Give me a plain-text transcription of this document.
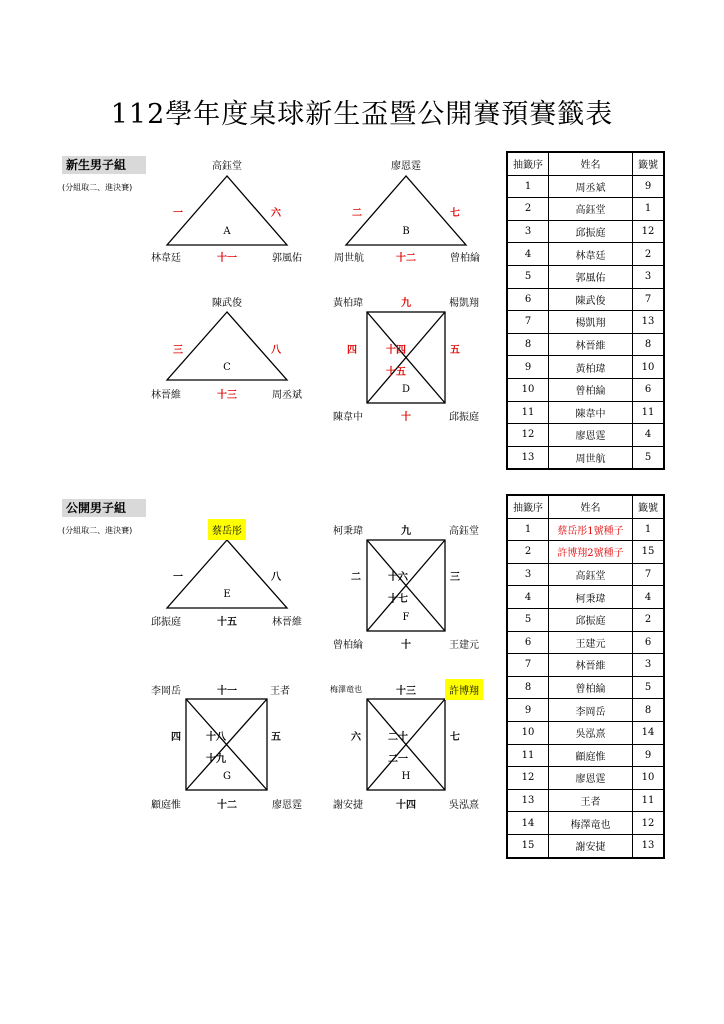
112學年度桌球新生盃暨公開賽預賽籤表
新生男子組
(分組取二、進決賽)
公開男子組
(分組取二、進決賽)
高鈺堂
一	六
A
林韋廷	十一	郭風佑
廖恩霆
二	七
B
周世航	十二	曾柏綸
陳武俊
三	八
C
林晉維	十三	周丞斌
黃柏瑋	九	楊凱翔
四	十四	五
十五
D
陳韋中	十	邱振庭
蔡岳彤
一	八
E
邱振庭	十五	林晉維
柯秉瑋	九	高鈺堂
二	十六	三
十七
F
曾柏綸	十	王建元
李岡岳	十一	王者
四	十八	五
十九
G
顧庭惟	十二	廖恩霆
梅澤竜也	十三	許博翔
六	二十	七
二一
H
謝安捷	十四	吳泓熹
抽籤序	姓名	籤號
1	周丞斌	9
2	高鈺堂	1
3	邱振庭	12
4	林韋廷	2
5	郭風佑	3
6	陳武俊	7
7	楊凱翔	13
8	林晉維	8
9	黃柏瑋	10
10	曾柏綸	6
11	陳韋中	11
12	廖恩霆	4
13	周世航	5
抽籤序	姓名	籤號
1	蔡岳彤1號種子	1
2	許博翔2號種子	15
3	高鈺堂	7
4	柯秉瑋	4
5	邱振庭	2
6	王建元	6
7	林晉維	3
8	曾柏綸	5
9	李岡岳	8
10	吳泓熹	14
11	顧庭惟	9
12	廖恩霆	10
13	王者	11
14	梅澤竜也	12
15	謝安捷	13
